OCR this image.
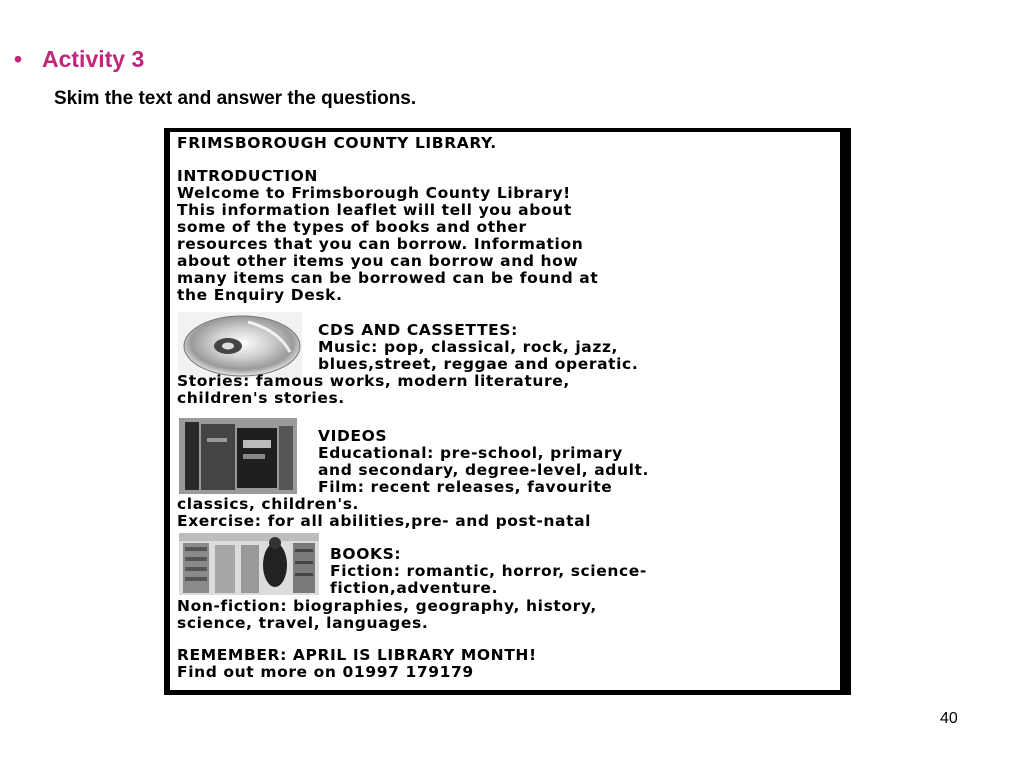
• Activity 3
Skim the text and answer the questions.
FRIMSBOROUGH COUNTY LIBRARY.
INTRODUCTION
Welcome to Frimsborough County Library!
This information leaflet will tell you about
some of the types of books and other
resources that you can borrow. Information
about other items you can borrow and how
many items can be borrowed can be found at
the Enquiry Desk.
CDS AND CASSETTES:
Music: pop, classical, rock, jazz,
blues,street, reggae and operatic.
Stories: famous works, modern literature,
children's stories.
VIDEOS
Educational: pre-school, primary
and secondary, degree-level, adult.
Film: recent releases, favourite
classics, children's.
Exercise: for all abilities,pre- and post-natal
BOOKS:
Fiction: romantic, horror, science-
fiction,adventure.
Non-fiction: biographies, geography, history,
science, travel, languages.
REMEMBER: APRIL IS LIBRARY MONTH!
Find out more on 01997 179179
40
